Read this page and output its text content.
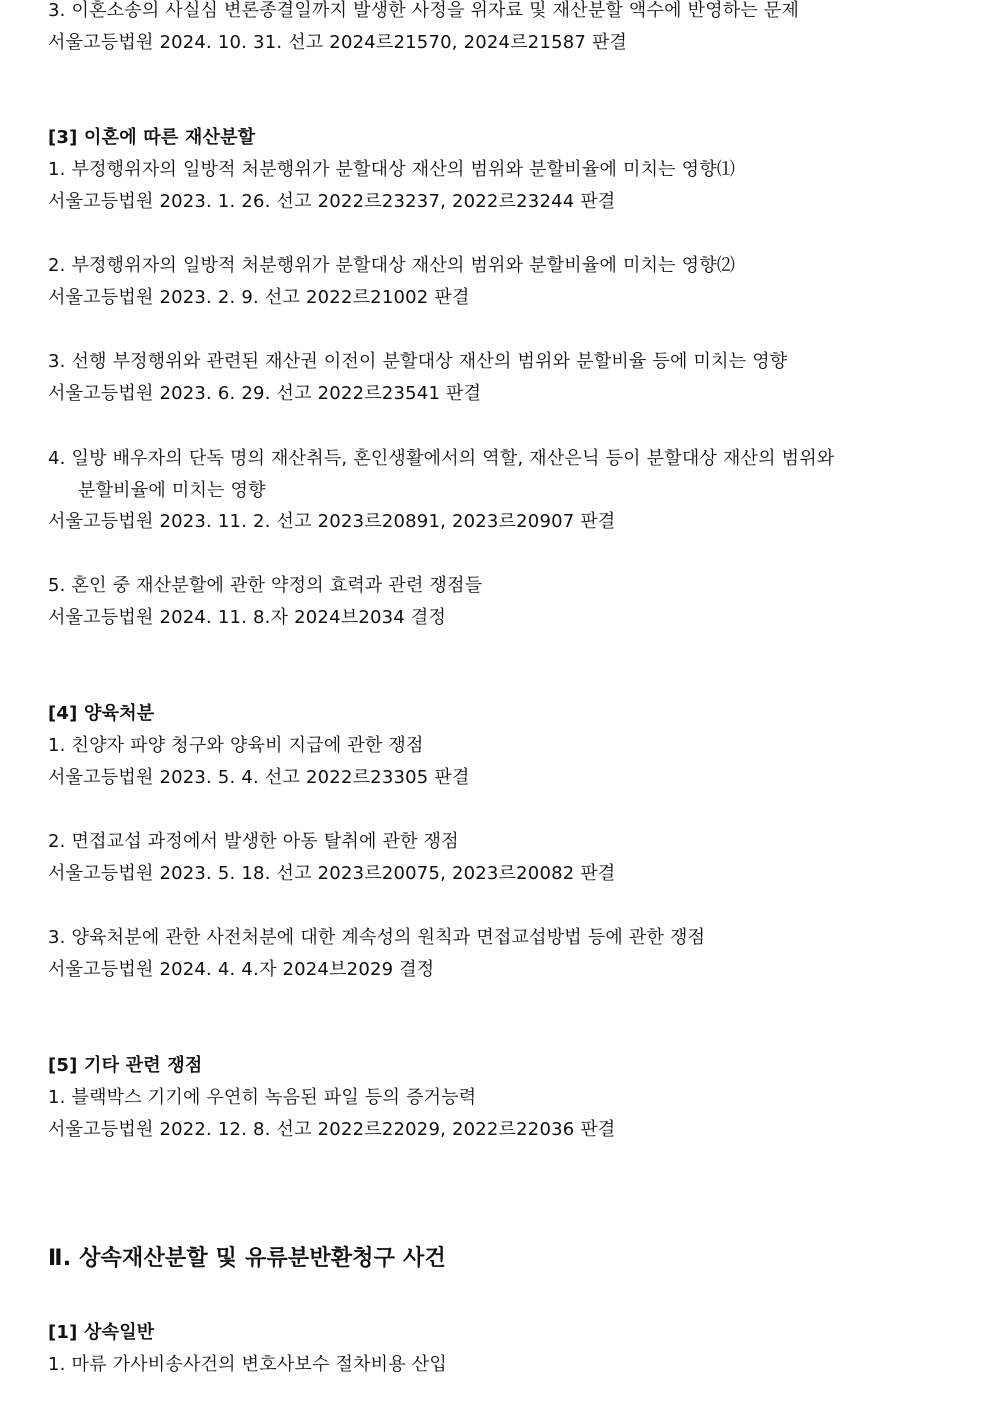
3. 이혼소송의 사실심 변론종결일까지 발생한 사정을 위자료 및 재산분할 액수에 반영하는 문제
서울고등법원 2024. 10. 31. 선고 2024르21570, 2024르21587 판결
[3] 이혼에 따른 재산분할
1. 부정행위자의 일방적 처분행위가 분할대상 재산의 범위와 분할비율에 미치는 영향⑴
서울고등법원 2023. 1. 26. 선고 2022르23237, 2022르23244 판결
2. 부정행위자의 일방적 처분행위가 분할대상 재산의 범위와 분할비율에 미치는 영향⑵
서울고등법원 2023. 2. 9. 선고 2022르21002 판결
3. 선행 부정행위와 관련된 재산권 이전이 분할대상 재산의 범위와 분할비율 등에 미치는 영향
서울고등법원 2023. 6. 29. 선고 2022르23541 판결
4. 일방 배우자의 단독 명의 재산취득, 혼인생활에서의 역할, 재산은닉 등이 분할대상 재산의 범위와
분할비율에 미치는 영향
서울고등법원 2023. 11. 2. 선고 2023르20891, 2023르20907 판결
5. 혼인 중 재산분할에 관한 약정의 효력과 관련 쟁점들
서울고등법원 2024. 11. 8.자 2024브2034 결정
[4] 양육처분
1. 친양자 파양 청구와 양육비 지급에 관한 쟁점
서울고등법원 2023. 5. 4. 선고 2022르23305 판결
2. 면접교섭 과정에서 발생한 아동 탈취에 관한 쟁점
서울고등법원 2023. 5. 18. 선고 2023르20075, 2023르20082 판결
3. 양육처분에 관한 사전처분에 대한 계속성의 원칙과 면접교섭방법 등에 관한 쟁점
서울고등법원 2024. 4. 4.자 2024브2029 결정
[5] 기타 관련 쟁점
1. 블랙박스 기기에 우연히 녹음된 파일 등의 증거능력
서울고등법원 2022. 12. 8. 선고 2022르22029, 2022르22036 판결
Ⅱ. 상속재산분할 및 유류분반환청구 사건
[1] 상속일반
1. 마류 가사비송사건의 변호사보수 절차비용 산입
